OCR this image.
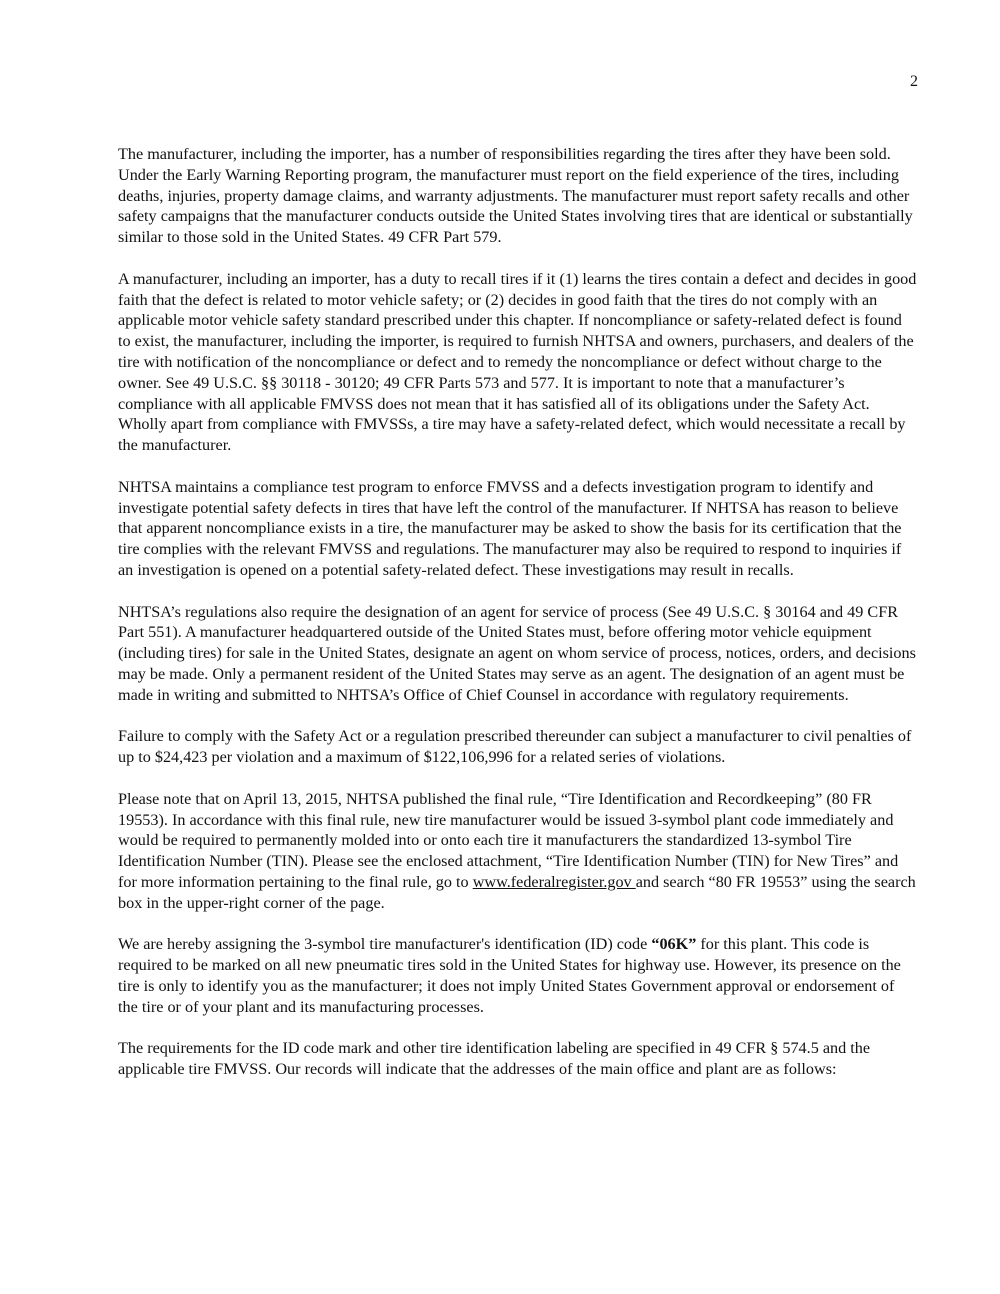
2

The manufacturer, including the importer, has a number of responsibilities regarding the tires after they have been sold. Under the Early Warning Reporting program, the manufacturer must report on the field experience of the tires, including deaths, injuries, property damage claims, and warranty adjustments. The manufacturer must report safety recalls and other safety campaigns that the manufacturer conducts outside the United States involving tires that are identical or substantially similar to those sold in the United States. 49 CFR Part 579.

A manufacturer, including an importer, has a duty to recall tires if it (1) learns the tires contain a defect and decides in good faith that the defect is related to motor vehicle safety; or (2) decides in good faith that the tires do not comply with an applicable motor vehicle safety standard prescribed under this chapter. If noncompliance or safety-related defect is found to exist, the manufacturer, including the importer, is required to furnish NHTSA and owners, purchasers, and dealers of the tire with notification of the noncompliance or defect and to remedy the noncompliance or defect without charge to the owner. See 49 U.S.C. §§ 30118 - 30120; 49 CFR Parts 573 and 577. It is important to note that a manufacturer’s compliance with all applicable FMVSS does not mean that it has satisfied all of its obligations under the Safety Act. Wholly apart from compliance with FMVSSs, a tire may have a safety-related defect, which would necessitate a recall by the manufacturer.

NHTSA maintains a compliance test program to enforce FMVSS and a defects investigation program to identify and investigate potential safety defects in tires that have left the control of the manufacturer. If NHTSA has reason to believe that apparent noncompliance exists in a tire, the manufacturer may be asked to show the basis for its certification that the tire complies with the relevant FMVSS and regulations. The manufacturer may also be required to respond to inquiries if an investigation is opened on a potential safety-related defect. These investigations may result in recalls.

NHTSA’s regulations also require the designation of an agent for service of process (See 49 U.S.C. § 30164 and 49 CFR Part 551). A manufacturer headquartered outside of the United States must, before offering motor vehicle equipment (including tires) for sale in the United States, designate an agent on whom service of process, notices, orders, and decisions may be made. Only a permanent resident of the United States may serve as an agent. The designation of an agent must be made in writing and submitted to NHTSA’s Office of Chief Counsel in accordance with regulatory requirements.

Failure to comply with the Safety Act or a regulation prescribed thereunder can subject a manufacturer to civil penalties of up to $24,423 per violation and a maximum of $122,106,996 for a related series of violations.

Please note that on April 13, 2015, NHTSA published the final rule, “Tire Identification and Recordkeeping” (80 FR 19553). In accordance with this final rule, new tire manufacturer would be issued 3-symbol plant code immediately and would be required to permanently molded into or onto each tire it manufacturers the standardized 13-symbol Tire Identification Number (TIN). Please see the enclosed attachment, “Tire Identification Number (TIN) for New Tires” and for more information pertaining to the final rule, go to www.federalregister.gov and search “80 FR 19553” using the search box in the upper-right corner of the page.

We are hereby assigning the 3-symbol tire manufacturer's identification (ID) code “06K” for this plant. This code is required to be marked on all new pneumatic tires sold in the United States for highway use. However, its presence on the tire is only to identify you as the manufacturer; it does not imply United States Government approval or endorsement of the tire or of your plant and its manufacturing processes.

The requirements for the ID code mark and other tire identification labeling are specified in 49 CFR § 574.5 and the applicable tire FMVSS. Our records will indicate that the addresses of the main office and plant are as follows:
